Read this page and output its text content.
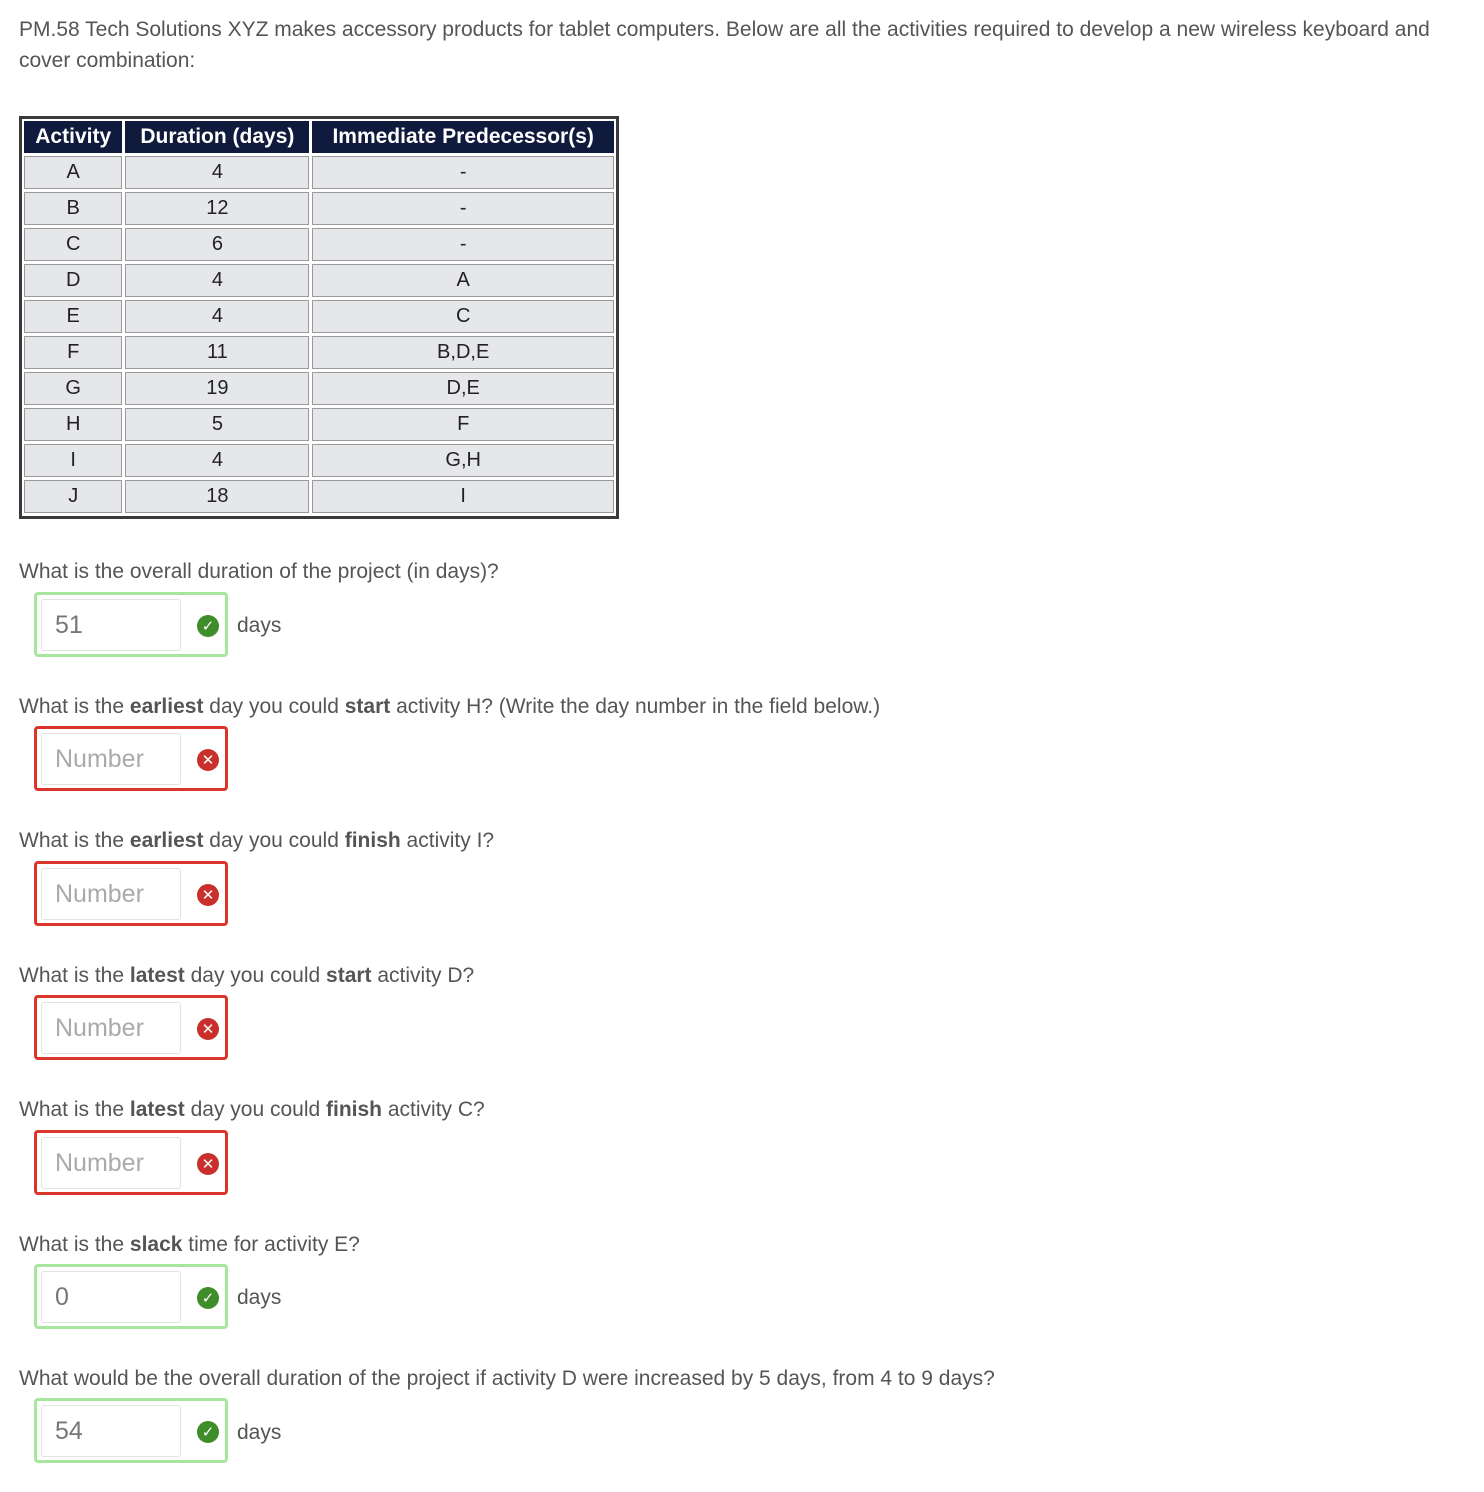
PM.58 Tech Solutions XYZ makes accessory products for tablet computers. Below are all the activities required to develop a new wireless keyboard and cover combination:

Activity	Duration (days)	Immediate Predecessor(s)
A	4	-
B	12	-
C	6	-
D	4	A
E	4	C
F	11	B,D,E
G	19	D,E
H	5	F
I	4	G,H
J	18	I

What is the overall duration of the project (in days)?

51
✓ days

What is the earliest day you could start activity H? (Write the day number in the field below.)

Number
✕

What is the earliest day you could finish activity I?

Number
✕

What is the latest day you could start activity D?

Number
✕

What is the latest day you could finish activity C?

Number
✕

What is the slack time for activity E?

0
✓ days

What would be the overall duration of the project if activity D were increased by 5 days, from 4 to 9 days?

54
✓ days
